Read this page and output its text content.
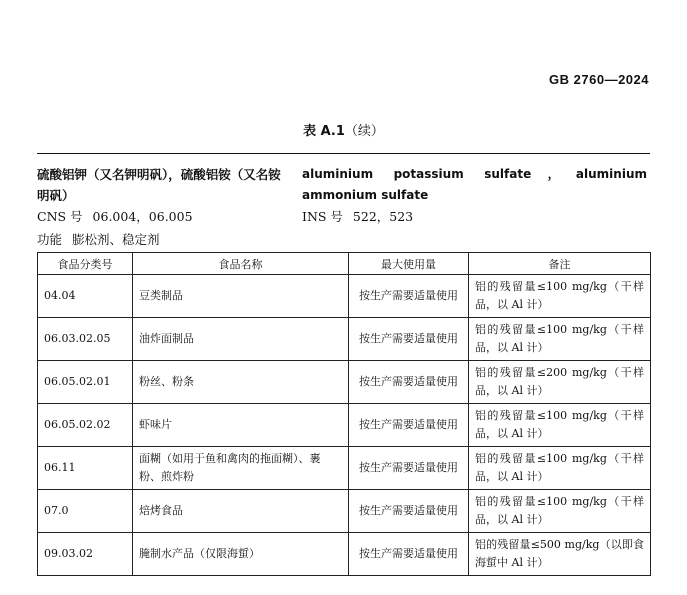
GB 2760—2024
表 A.1（续）
硫酸铝钾（又名钾明矾），硫酸铝铵（又名铵明矾）
aluminium potassium sulfate，aluminium ammonium sulfate
CNS 号 06.004，06.005	INS 号 522，523
功能 膨松剂、稳定剂
食品分类号	食品名称	最大使用量	备注
04.04	豆类制品	按生产需要适量使用	铝的残留量≤100 mg/kg（干样品，以 Al 计）
06.03.02.05	油炸面制品	按生产需要适量使用	铝的残留量≤100 mg/kg（干样品，以 Al 计）
06.05.02.01	粉丝、粉条	按生产需要适量使用	铝的残留量≤200 mg/kg（干样品，以 Al 计）
06.05.02.02	虾味片	按生产需要适量使用	铝的残留量≤100 mg/kg（干样品，以 Al 计）
06.11	面糊（如用于鱼和禽肉的拖面糊）、裹粉、煎炸粉	按生产需要适量使用	铝的残留量≤100 mg/kg（干样品，以 Al 计）
07.0	焙烤食品	按生产需要适量使用	铝的残留量≤100 mg/kg（干样品，以 Al 计）
09.03.02	腌制水产品（仅限海蜇）	按生产需要适量使用	铝的残留量≤500 mg/kg（以即食海蜇中 Al 计）
